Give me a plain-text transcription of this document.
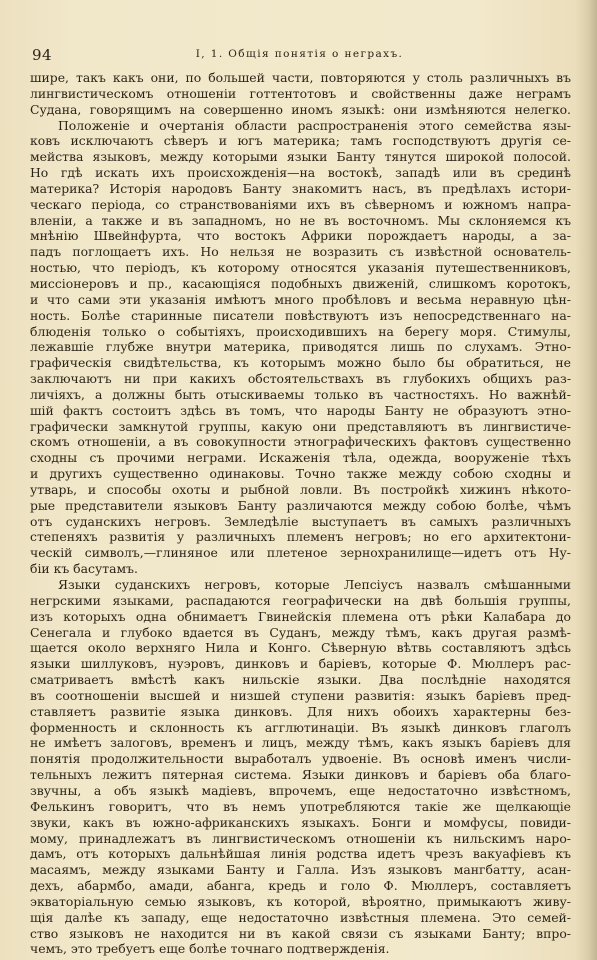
94	I, 1. Общія понятія о неграхъ.
шире, такъ какъ они, по большей части, повторяются у столь различныхъ въ
лингвистическомъ отношеніи готтентотовъ и свойственны даже неграмъ
Судана, говорящимъ на совершенно иномъ языкѣ: они измѣняются нелегко.
Положеніе и очертанія области распространенія этого семейства язы-
ковъ исключаютъ сѣверъ и югъ материка; тамъ господствуютъ другія се-
мейства языковъ, между которыми языки Банту тянутся широкой полосой.
Но гдѣ искать ихъ происхожденія—на востокѣ, западѣ или въ срединѣ
материка? Исторія народовъ Банту знакомитъ насъ, въ предѣлахъ истори-
ческаго періода, со странствованіями ихъ въ сѣверномъ и южномъ напра-
вленіи, а также и въ западномъ, но не въ восточномъ. Мы склоняемся къ
мнѣнію Швейнфурта, что востокъ Африки порождаетъ народы, а за-
падъ поглощаетъ ихъ. Но нельзя не возразить съ извѣстной основатель-
ностью, что періодъ, къ которому относятся указанія путешественниковъ,
миссіонеровъ и пр., касающіяся подобныхъ движеній, слишкомъ коротокъ,
и что сами эти указанія имѣютъ много пробѣловъ и весьма неравную цѣн-
ность. Болѣе старинные писатели повѣствуютъ изъ непосредственнаго на-
блюденія только о событіяхъ, происходившихъ на берегу моря. Стимулы,
лежавшіе глубже внутри материка, приводятся лишь по слухамъ. Этно-
графическія свидѣтельства, къ которымъ можно было бы обратиться, не
заключаютъ ни при какихъ обстоятельствахъ въ глубокихъ общихъ раз-
личіяхъ, а должны быть отыскиваемы только въ частностяхъ. Но важнѣй-
шій фактъ состоитъ здѣсь въ томъ, что народы Банту не образуютъ этно-
графически замкнутой группы, какую они представляютъ въ лингвистиче-
скомъ отношеніи, а въ совокупности этнографическихъ фактовъ существенно
сходны съ прочими неграми. Искаженія тѣла, одежда, вооруженіе тѣхъ
и другихъ существенно одинаковы. Точно также между собою сходны и
утварь, и способы охоты и рыбной ловли. Въ постройкѣ хижинъ нѣкото-
рые представители языковъ Банту различаются между собою болѣе, чѣмъ
отъ суданскихъ негровъ. Земледѣліе выступаетъ въ самыхъ различныхъ
степеняхъ развитія у различныхъ племенъ негровъ; но его архитектони-
ческій символъ,—глиняное или плетеное зернохранилище—идетъ отъ Ну-
біи къ басутамъ.
Языки суданскихъ негровъ, которые Лепсіусъ назвалъ смѣшанными
негрскими языками, распадаются географически на двѣ большія группы,
изъ которыхъ одна обнимаетъ Гвинейскія племена отъ рѣки Калабара до
Сенегала и глубоко вдается въ Суданъ, между тѣмъ, какъ другая размѣ-
щается около верхняго Нила и Конго. Сѣверную вѣтвь составляютъ здѣсь
языки шиллуковъ, нуэровъ, динковъ и баріевъ, которые Ф. Мюллеръ рас-
сматриваетъ вмѣстѣ какъ нильскіе языки. Два послѣдніе находятся
въ соотношеніи высшей и низшей ступени развитія: языкъ баріевъ пред-
ставляетъ развитіе языка динковъ. Для нихъ обоихъ характерны без-
форменность и склонность къ агглютинаціи. Въ языкѣ динковъ глаголъ
не имѣетъ залоговъ, временъ и лицъ, между тѣмъ, какъ языкъ баріевъ для
понятія продолжительности выработалъ удвоеніе. Въ основѣ именъ числи-
тельныхъ лежитъ пятерная система. Языки динковъ и баріевъ оба благо-
звучны, а объ языкѣ мадіевъ, впрочемъ, еще недостаточно извѣстномъ,
Фелькинъ говоритъ, что въ немъ употребляются такіе же щелкающіе
звуки, какъ въ южно-африканскихъ языкахъ. Бонги и момфусы, повиди-
мому, принадлежатъ въ лингвистическомъ отношеніи къ нильскимъ наро-
дамъ, отъ которыхъ дальнѣйшая линія родства идетъ чрезъ вакуафіевъ къ
масаямъ, между языками Банту и Галла. Изъ языковъ мангбатту, асан-
дехъ, абармбо, амади, абанга, кредь и голо Ф. Мюллеръ, составляетъ
экваторіальную семью языковъ, къ которой, вѣроятно, примыкаютъ живу-
щія далѣе къ западу, еще недостаточно извѣстныя племена. Это семей-
ство языковъ не находится ни въ какой связи съ языками Банту; впро-
чемъ, это требуетъ еще болѣе точнаго подтвержденія.
